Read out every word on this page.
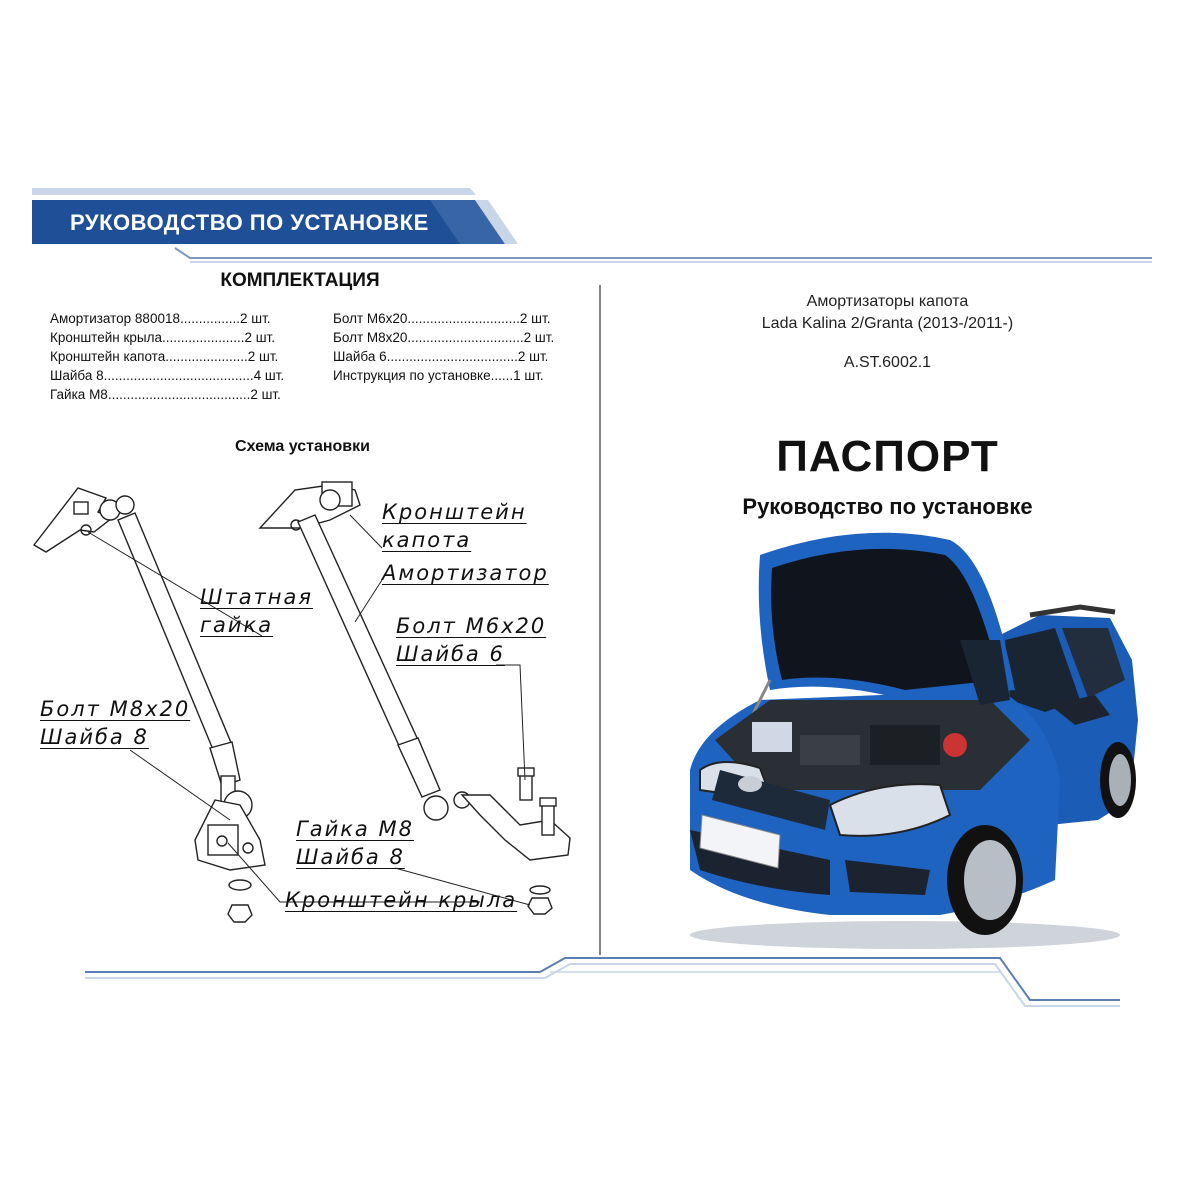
РУКОВОДСТВО ПО УСТАНОВКЕ
КОМПЛЕКТАЦИЯ
Амортизатор 880018................2 шт.
Кронштейн крыла......................2 шт.
Кронштейн капота......................2 шт.
Шайба 8........................................4 шт.
Гайка М8......................................2 шт.
Болт М6х20..............................2 шт.
Болт М8х20...............................2 шт.
Шайба 6...................................2 шт.
Инструкция по установке......1 шт.
Схема установки
Кронштейн
капота
Амортизатор
Штатная
гайка	Болт М6х20
Шайба 6
Болт М8х20
Шайба 8
Гайка М8
Шайба 8
Кронштейн крыла
Амортизаторы капота
Lada Kalina 2/Granta (2013-/2011-)
A.ST.6002.1
ПАСПОРТ
Руководство по установке
